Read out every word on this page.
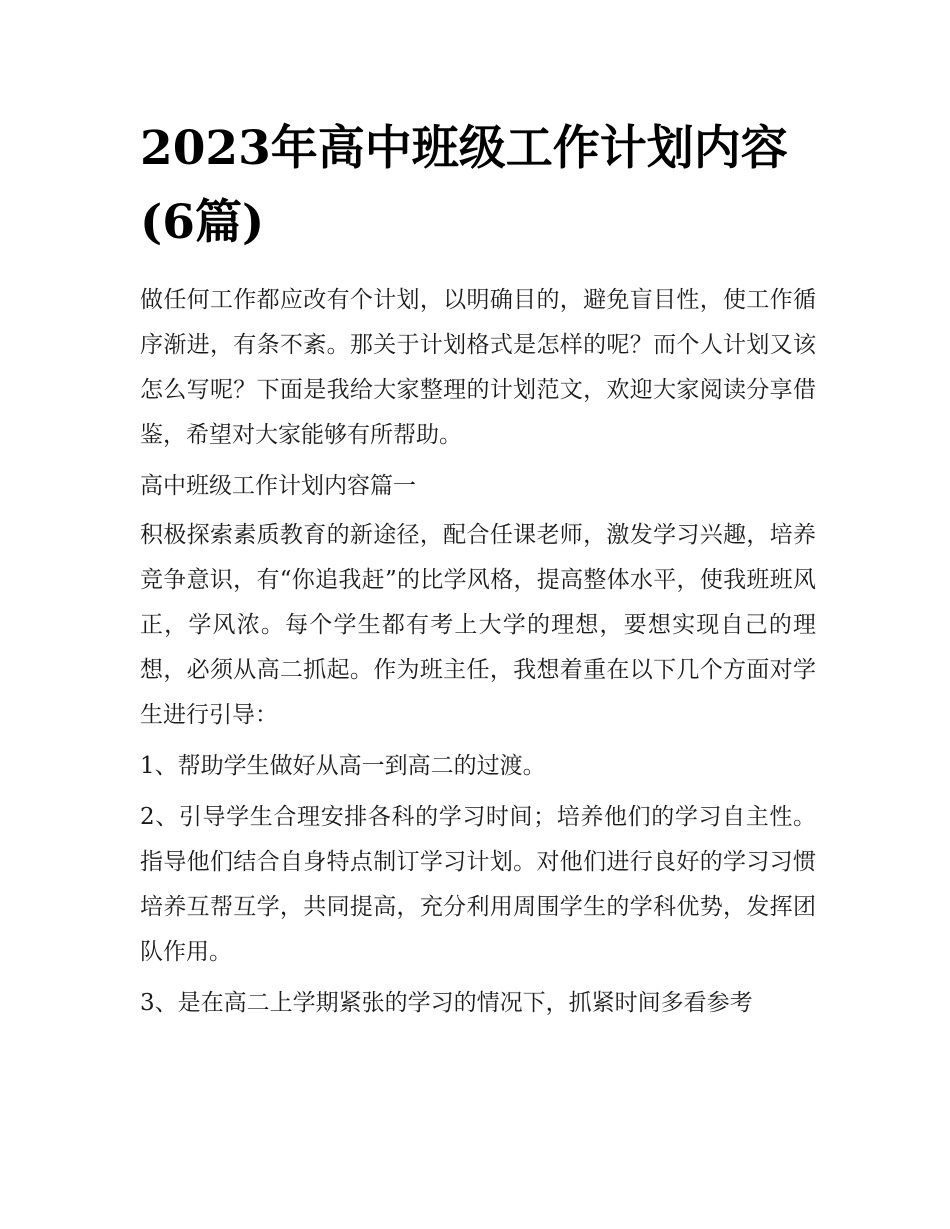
2023年高中班级工作计划内容(6篇)

做任何工作都应改有个计划，以明确目的，避免盲目性，使工作循序渐进，有条不紊。那关于计划格式是怎样的呢？而个人计划又该怎么写呢？下面是我给大家整理的计划范文，欢迎大家阅读分享借鉴，希望对大家能够有所帮助。

高中班级工作计划内容篇一

积极探索素质教育的新途径，配合任课老师，激发学习兴趣，培养竞争意识，有“你追我赶”的比学风格，提高整体水平，使我班班风正，学风浓。每个学生都有考上大学的理想，要想实现自己的理想，必须从高二抓起。作为班主任，我想着重在以下几个方面对学生进行引导：

1、帮助学生做好从高一到高二的过渡。

2、引导学生合理安排各科的学习时间；培养他们的学习自主性。指导他们结合自身特点制订学习计划。对他们进行良好的学习习惯培养互帮互学，共同提高，充分利用周围学生的学科优势，发挥团队作用。

3、是在高二上学期紧张的学习的情况下，抓紧时间多看参考
